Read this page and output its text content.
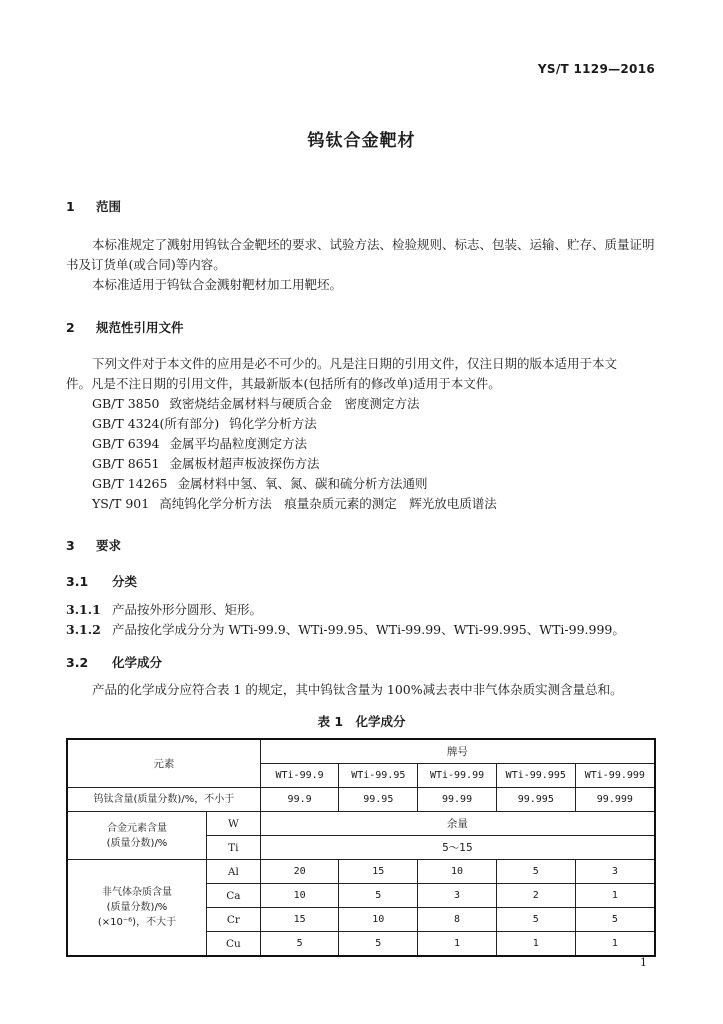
YS/T 1129—2016
钨钛合金靶材
1 范围
本标准规定了溅射用钨钛合金靶坯的要求、试验方法、检验规则、标志、包装、运输、贮存、质量证明
书及订货单(或合同)等内容。
本标准适用于钨钛合金溅射靶材加工用靶坯。
2 规范性引用文件
下列文件对于本文件的应用是必不可少的。凡是注日期的引用文件，仅注日期的版本适用于本文
件。凡是不注日期的引用文件，其最新版本(包括所有的修改单)适用于本文件。
GB/T 3850 致密烧结金属材料与硬质合金　密度测定方法
GB/T 4324(所有部分) 钨化学分析方法
GB/T 6394 金属平均晶粒度测定方法
GB/T 8651 金属板材超声板波探伤方法
GB/T 14265 金属材料中氢、氧、氮、碳和硫分析方法通则
YS/T 901 高纯钨化学分析方法　痕量杂质元素的测定　辉光放电质谱法
3 要求
3.1 分类
3.1.1 产品按外形分圆形、矩形。
3.1.2 产品按化学成分分为 WTi-99.9、WTi-99.95、WTi-99.99、WTi-99.995、WTi-99.999。
3.2 化学成分
产品的化学成分应符合表 1 的规定，其中钨钛含量为 100%减去表中非气体杂质实测含量总和。
表 1　化学成分
元素		牌号				
		WTi-99.9	WTi-99.95	WTi-99.99	WTi-99.995	WTi-99.999
钨钛含量(质量分数)/%，不小于		99.9	99.95	99.99	99.995	99.999

合金元素含量
(质量分数)/%	W	余量				
	Ti	5～15				

非气体杂质含量
(质量分数)/%
(×10⁻⁶)，不大于	Al	20	15	10	5	3
	Ca	10	5	3	2	1
	Cr	15	10	8	5	5
	Cu	5	5	1	1	1
1
